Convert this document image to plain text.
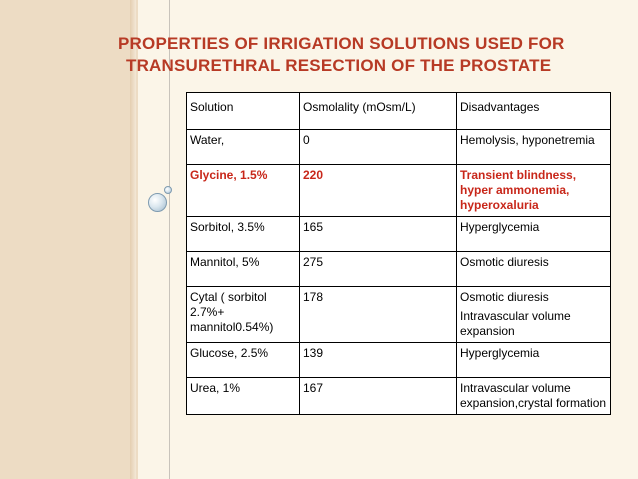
PROPERTIES OF IRRIGATION SOLUTIONS USED FOR
TRANSURETHRAL RESECTION OF THE PROSTATE
Solution	Osmolality (mOsm/L)	Disadvantages
Water,	0	Hemolysis, hyponetremia
Glycine, 1.5%	220	Transient blindness, hyper ammonemia, hyperoxaluria
Sorbitol, 3.5%	165	Hyperglycemia
Mannitol, 5%	275	Osmotic diuresis
Cytal ( sorbitol 2.7%+ mannitol0.54%)	178	Osmotic diuresis
Intravascular volume expansion

Glucose, 2.5%	139	Hyperglycemia
Urea, 1%	167	Intravascular volume expansion,crystal formation
